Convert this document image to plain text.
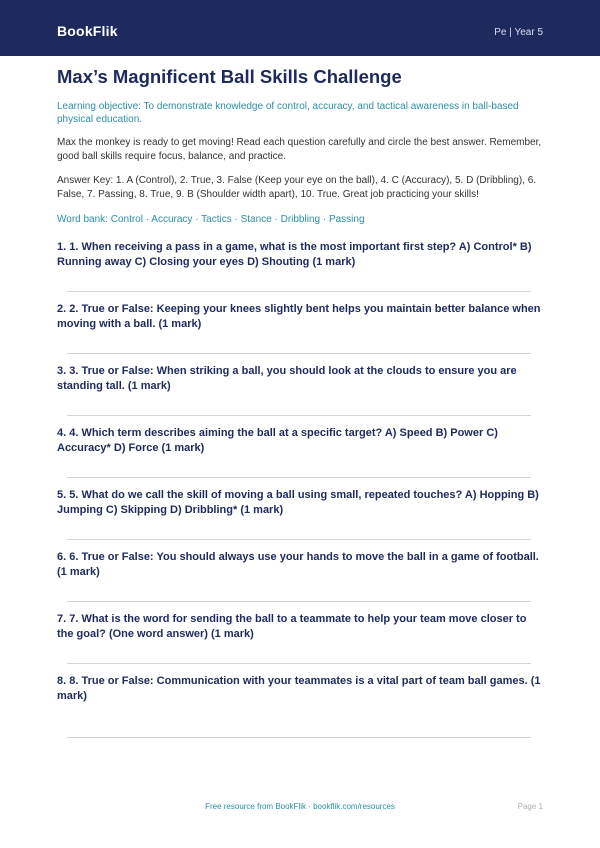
BookFlik	Pe | Year 5
Max’s Magnificent Ball Skills Challenge
Learning objective: To demonstrate knowledge of control, accuracy, and tactical awareness in ball-based physical education.
Max the monkey is ready to get moving! Read each question carefully and circle the best answer. Remember, good ball skills require focus, balance, and practice.
Answer Key: 1. A (Control), 2. True, 3. False (Keep your eye on the ball), 4. C (Accuracy), 5. D (Dribbling), 6. False, 7. Passing, 8. True, 9. B (Shoulder width apart), 10. True. Great job practicing your skills!
Word bank: Control · Accuracy · Tactics · Stance · Dribbling · Passing
1. 1. When receiving a pass in a game, what is the most important first step? A) Control* B) Running away C) Closing your eyes D) Shouting (1 mark)
2. 2. True or False: Keeping your knees slightly bent helps you maintain better balance when moving with a ball. (1 mark)
3. 3. True or False: When striking a ball, you should look at the clouds to ensure you are standing tall. (1 mark)
4. 4. Which term describes aiming the ball at a specific target? A) Speed B) Power C) Accuracy* D) Force (1 mark)
5. 5. What do we call the skill of moving a ball using small, repeated touches? A) Hopping B) Jumping C) Skipping D) Dribbling* (1 mark)
6. 6. True or False: You should always use your hands to move the ball in a game of football. (1 mark)
7. 7. What is the word for sending the ball to a teammate to help your team move closer to the goal? (One word answer) (1 mark)
8. 8. True or False: Communication with your teammates is a vital part of team ball games. (1 mark)
Free resource from BookFlik · bookflik.com/resources	Page 1
